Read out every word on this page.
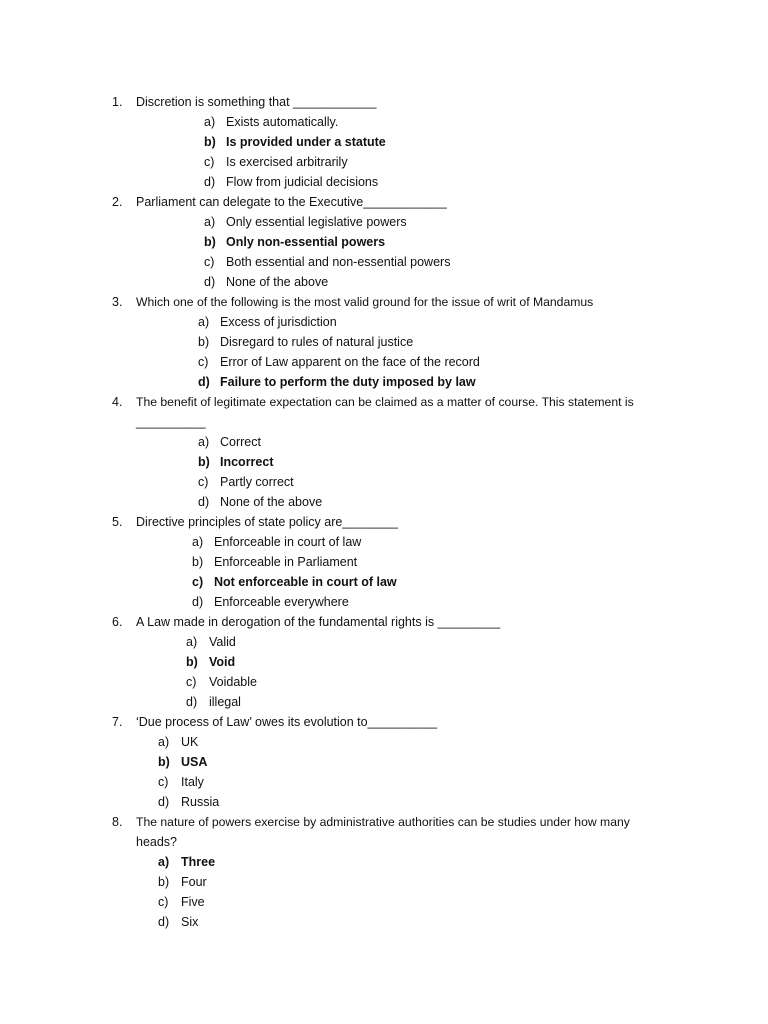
1. Discretion is something that ____________
a) Exists automatically.
b) Is provided under a statute
c) Is exercised arbitrarily
d) Flow from judicial decisions
2. Parliament can delegate to the Executive____________
a) Only essential legislative powers
b) Only non-essential powers
c) Both essential and non-essential powers
d) None of the above
3. Which one of the following is the most valid ground for the issue of writ of Mandamus
a) Excess of jurisdiction
b) Disregard to rules of natural justice
c) Error of Law apparent on the face of the record
d) Failure to perform the duty imposed by law
4. The benefit of legitimate expectation can be claimed as a matter of course. This statement is
__________
a) Correct
b) Incorrect
c) Partly correct
d) None of the above
5. Directive principles of state policy are________
a) Enforceable in court of law
b) Enforceable in Parliament
c) Not enforceable in court of law
d) Enforceable everywhere
6. A Law made in derogation of the fundamental rights is _________
a) Valid
b) Void
c) Voidable
d) illegal
7. ‘Due process of Law’ owes its evolution to__________
a) UK
b) USA
c) Italy
d) Russia
8. The nature of powers exercise by administrative authorities can be studies under how many
heads?
a) Three
b) Four
c) Five
d) Six
